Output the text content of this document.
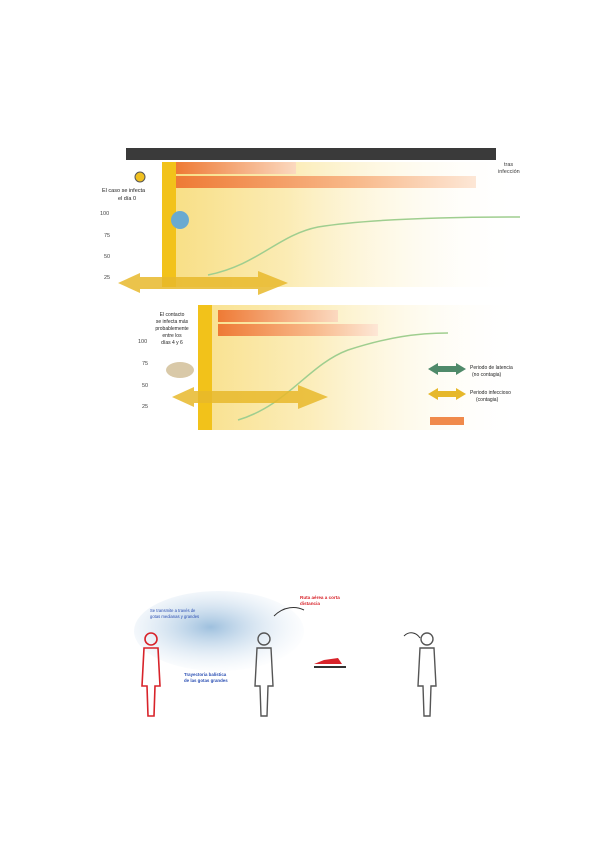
El caso se infecta
el día 0
100
75
50
25
El contacto
se infecta más
probablemente
entre los
días 4 y 6
100
75
50
25
Periodo de latencia
(no contagia)
Periodo infeccioso
(contagia)

Se transmite a través de
gotas medianas y grandes
Ruta aérea a corta
distancia
Trayectoria balística
de las gotas grandes
